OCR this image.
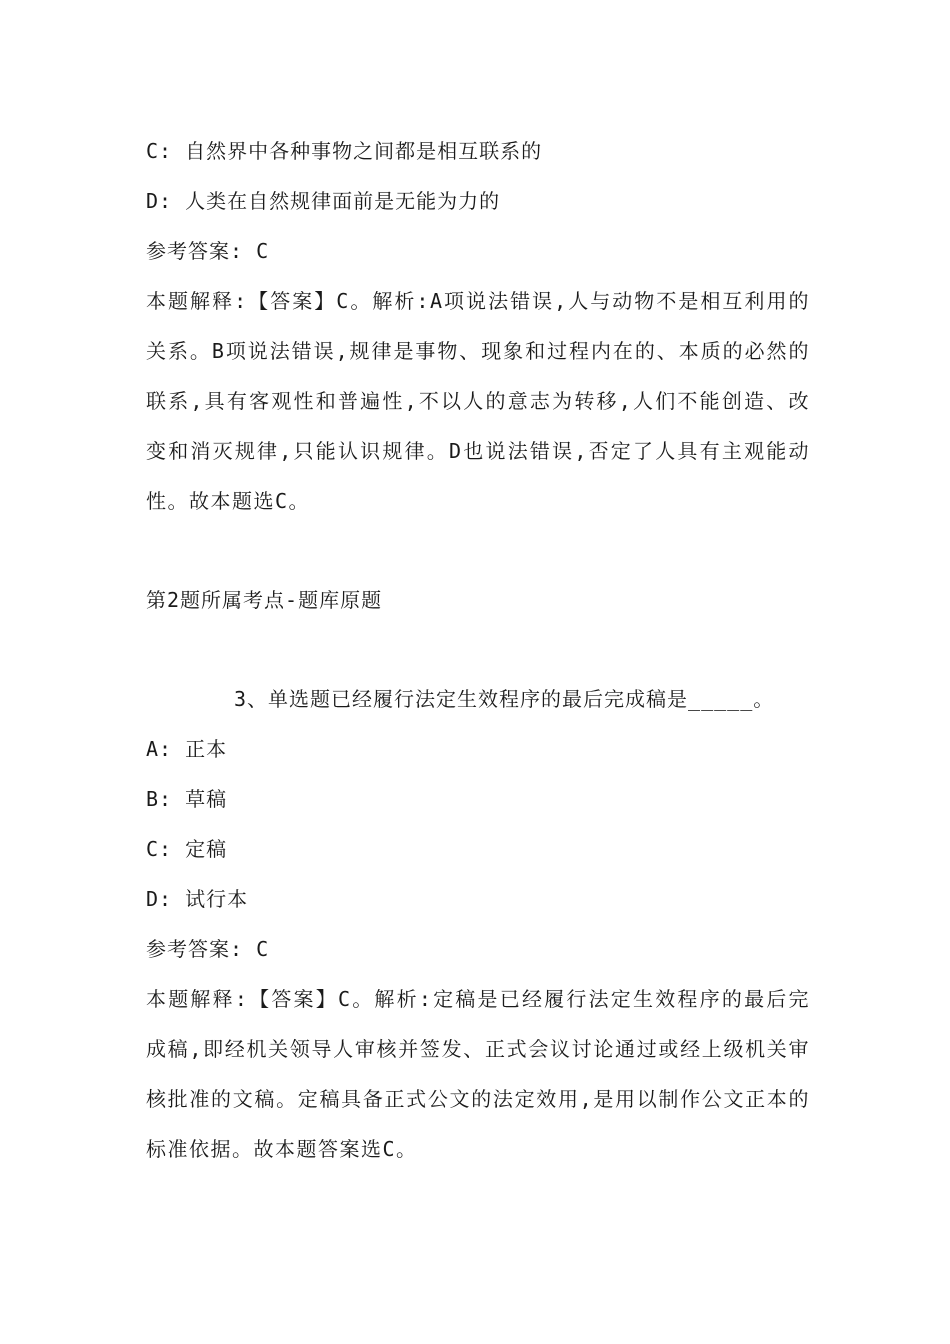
C: 自然界中各种事物之间都是相互联系的
D: 人类在自然规律面前是无能为力的
参考答案: C
本题解释:【答案】C。解析:A项说法错误,人与动物不是相互利用的关系。B项说法错误,规律是事物、现象和过程内在的、本质的必然的联系,具有客观性和普遍性,不以人的意志为转移,人们不能创造、改变和消灭规律,只能认识规律。D也说法错误,否定了人具有主观能动性。故本题选C。
第2题所属考点-题库原题
3、单选题已经履行法定生效程序的最后完成稿是_____。
A: 正本
B: 草稿
C: 定稿
D: 试行本
参考答案: C
本题解释:【答案】C。解析:定稿是已经履行法定生效程序的最后完成稿,即经机关领导人审核并签发、正式会议讨论通过或经上级机关审核批准的文稿。定稿具备正式公文的法定效用,是用以制作公文正本的标准依据。故本题答案选C。
